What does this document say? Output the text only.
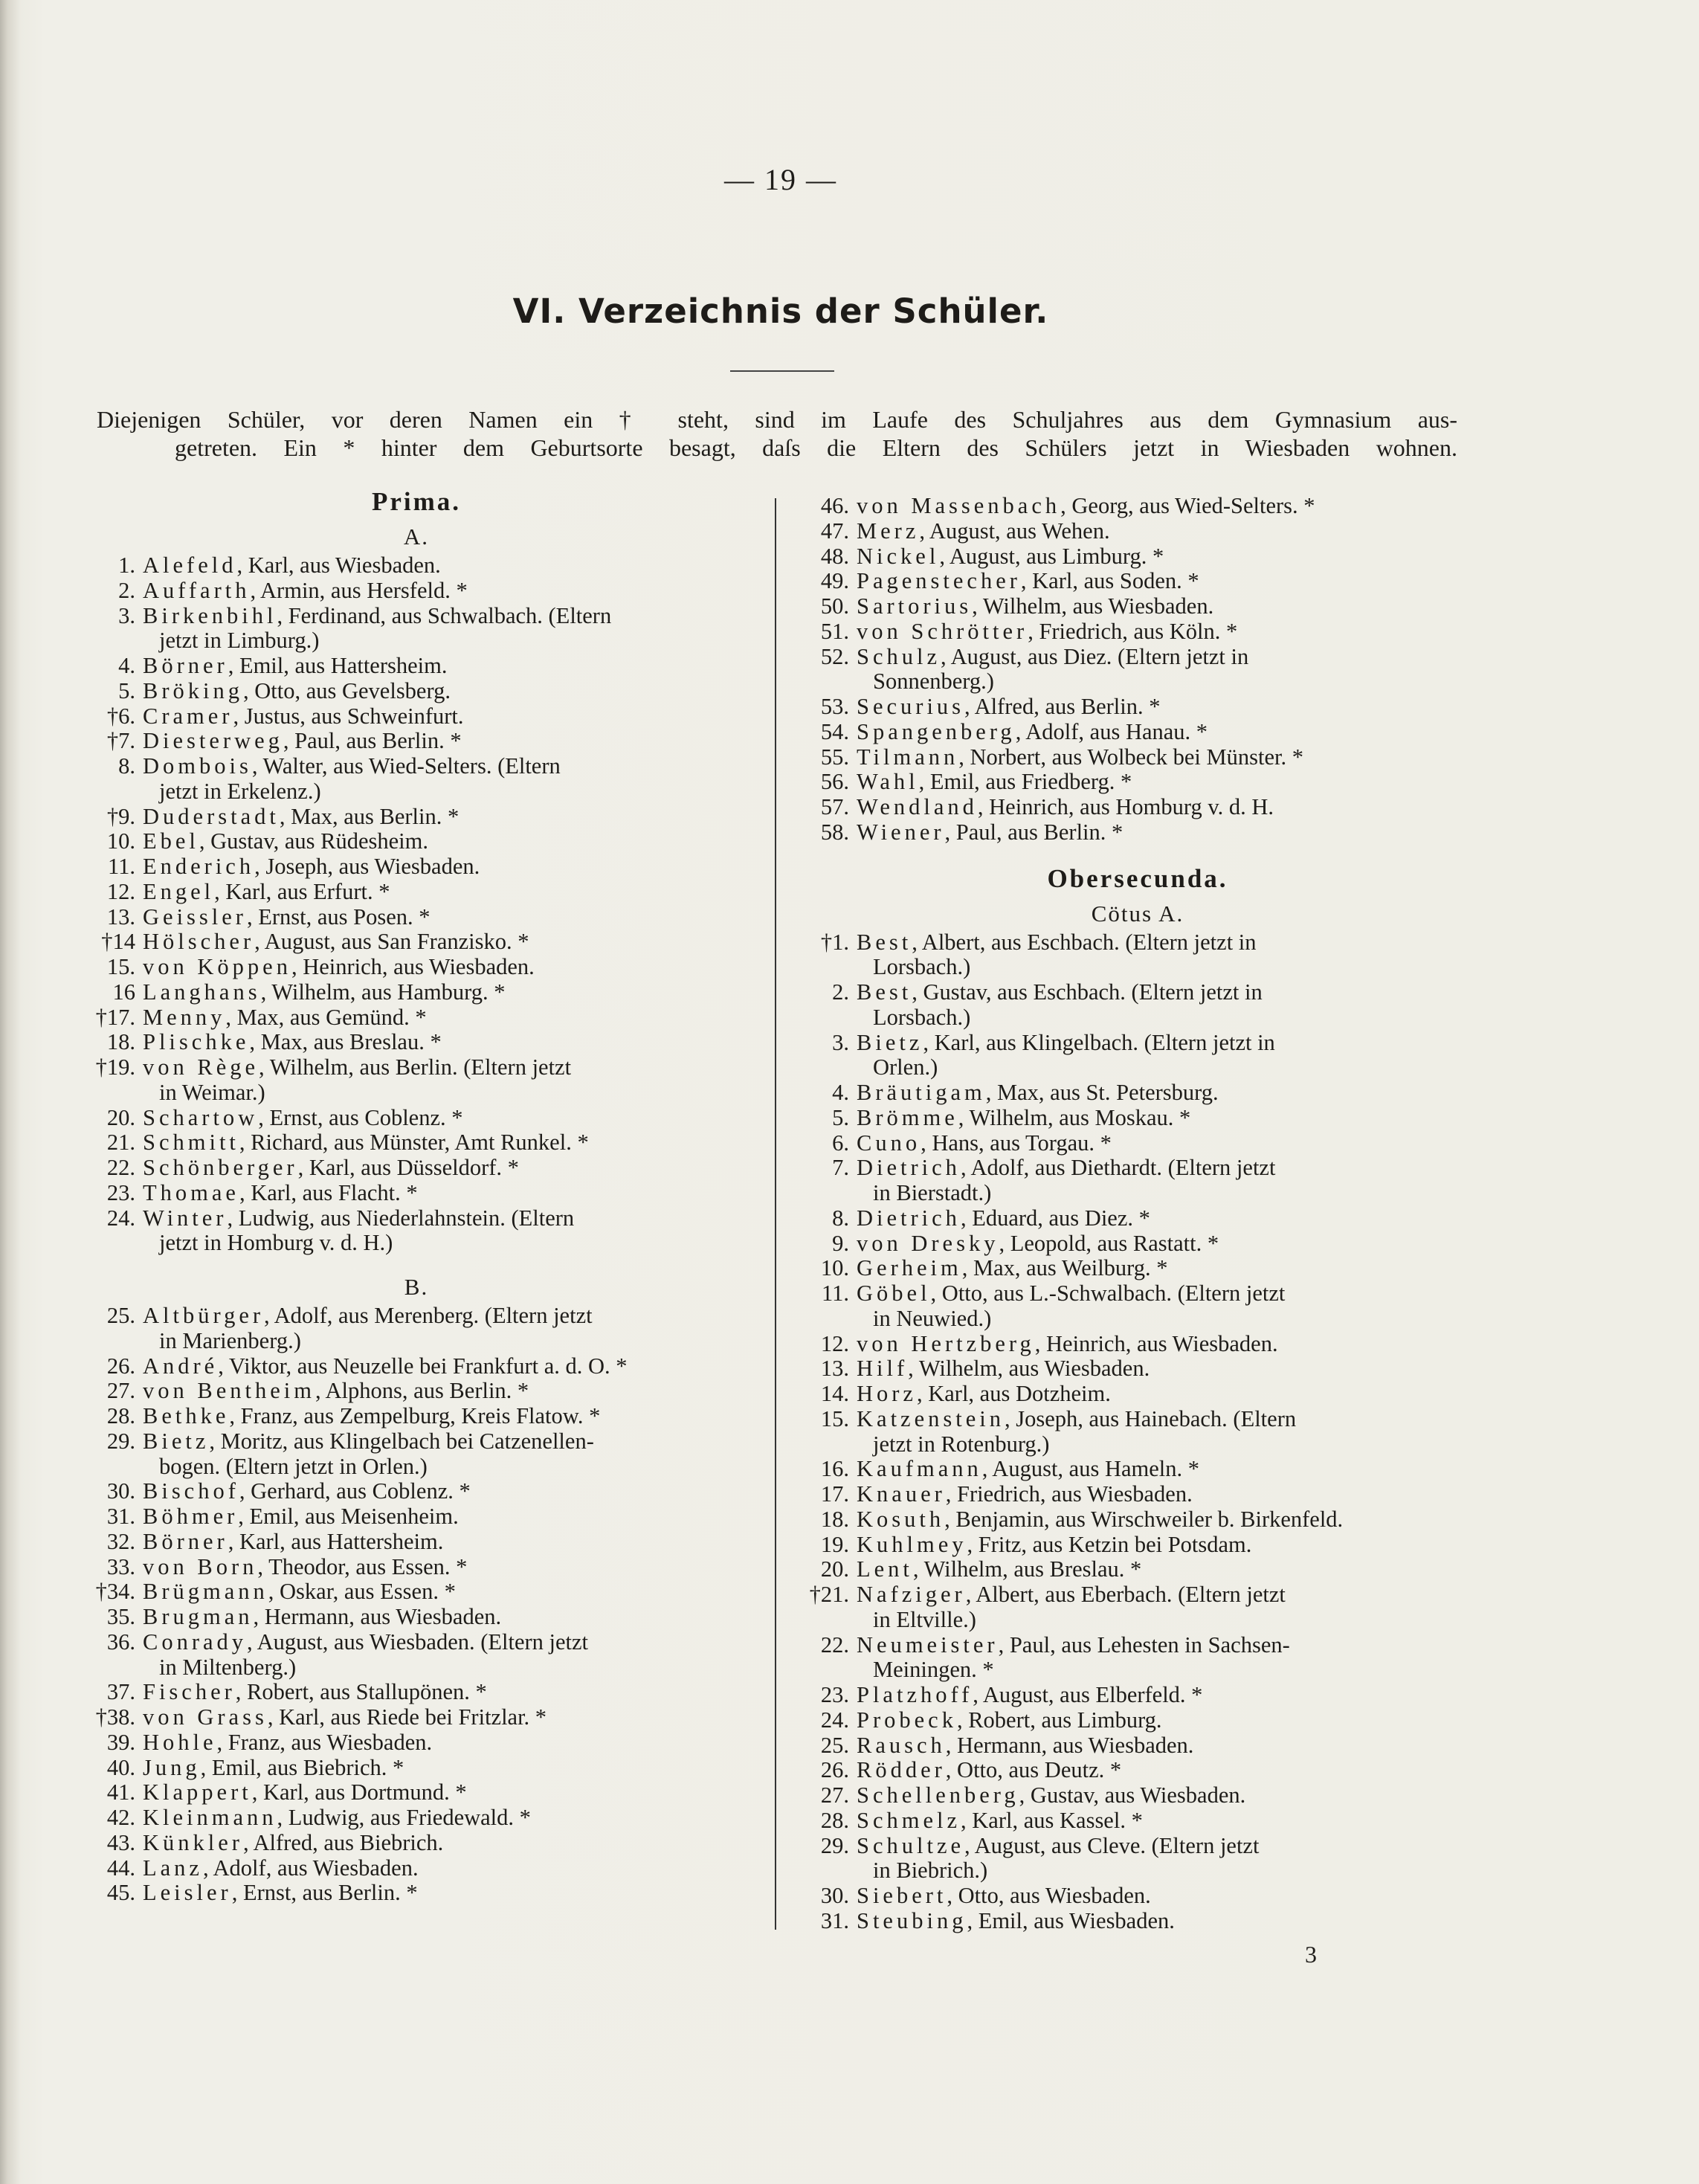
— 19 —
VI. Verzeichnis der Schüler.
Diejenigen Schüler, vor deren Namen ein † steht, sind im Laufe des Schuljahres aus dem Gymnasium aus-
getreten. Ein * hinter dem Geburtsorte besagt, daſs die Eltern des Schülers jetzt in Wiesbaden wohnen.
Prima.
A.
1. Alefeld, Karl, aus Wiesbaden.
2. Auffarth, Armin, aus Hersfeld. *
3. Birkenbihl, Ferdinand, aus Schwalbach. (Eltern
jetzt in Limburg.)
4. Börner, Emil, aus Hattersheim.
5. Bröking, Otto, aus Gevelsberg.
†6. Cramer, Justus, aus Schweinfurt.
†7. Diesterweg, Paul, aus Berlin. *
8. Dombois, Walter, aus Wied-Selters. (Eltern
jetzt in Erkelenz.)
†9. Duderstadt, Max, aus Berlin. *
10. Ebel, Gustav, aus Rüdesheim.
11. Enderich, Joseph, aus Wiesbaden.
12. Engel, Karl, aus Erfurt. *
13. Geissler, Ernst, aus Posen. *
†14 Hölscher, August, aus San Franzisko. *
15. von Köppen, Heinrich, aus Wiesbaden.
16 Langhans, Wilhelm, aus Hamburg. *
†17. Menny, Max, aus Gemünd. *
18. Plischke, Max, aus Breslau. *
†19. von Rège, Wilhelm, aus Berlin. (Eltern jetzt
in Weimar.)
20. Schartow, Ernst, aus Coblenz. *
21. Schmitt, Richard, aus Münster, Amt Runkel. *
22. Schönberger, Karl, aus Düsseldorf. *
23. Thomae, Karl, aus Flacht. *
24. Winter, Ludwig, aus Niederlahnstein. (Eltern
jetzt in Homburg v. d. H.)
B.
25. Altbürger, Adolf, aus Merenberg. (Eltern jetzt
in Marienberg.)
26. André, Viktor, aus Neuzelle bei Frankfurt a. d. O. *
27. von Bentheim, Alphons, aus Berlin. *
28. Bethke, Franz, aus Zempelburg, Kreis Flatow. *
29. Bietz, Moritz, aus Klingelbach bei Catzenellen-
bogen. (Eltern jetzt in Orlen.)
30. Bischof, Gerhard, aus Coblenz. *
31. Böhmer, Emil, aus Meisenheim.
32. Börner, Karl, aus Hattersheim.
33. von Born, Theodor, aus Essen. *
†34. Brügmann, Oskar, aus Essen. *
35. Brugman, Hermann, aus Wiesbaden.
36. Conrady, August, aus Wiesbaden. (Eltern jetzt
in Miltenberg.)
37. Fischer, Robert, aus Stallupönen. *
†38. von Grass, Karl, aus Riede bei Fritzlar. *
39. Hohle, Franz, aus Wiesbaden.
40. Jung, Emil, aus Biebrich. *
41. Klappert, Karl, aus Dortmund. *
42. Kleinmann, Ludwig, aus Friedewald. *
43. Künkler, Alfred, aus Biebrich.
44. Lanz, Adolf, aus Wiesbaden.
45. Leisler, Ernst, aus Berlin. *
46. von Massenbach, Georg, aus Wied-Selters. *
47. Merz, August, aus Wehen.
48. Nickel, August, aus Limburg. *
49. Pagenstecher, Karl, aus Soden. *
50. Sartorius, Wilhelm, aus Wiesbaden.
51. von Schrötter, Friedrich, aus Köln. *
52. Schulz, August, aus Diez. (Eltern jetzt in
Sonnenberg.)
53. Securius, Alfred, aus Berlin. *
54. Spangenberg, Adolf, aus Hanau. *
55. Tilmann, Norbert, aus Wolbeck bei Münster. *
56. Wahl, Emil, aus Friedberg. *
57. Wendland, Heinrich, aus Homburg v. d. H.
58. Wiener, Paul, aus Berlin. *
Obersecunda.
Cötus A.
†1. Best, Albert, aus Eschbach. (Eltern jetzt in
Lorsbach.)
2. Best, Gustav, aus Eschbach. (Eltern jetzt in
Lorsbach.)
3. Bietz, Karl, aus Klingelbach. (Eltern jetzt in
Orlen.)
4. Bräutigam, Max, aus St. Petersburg.
5. Brömme, Wilhelm, aus Moskau. *
6. Cuno, Hans, aus Torgau. *
7. Dietrich, Adolf, aus Diethardt. (Eltern jetzt
in Bierstadt.)
8. Dietrich, Eduard, aus Diez. *
9. von Dresky, Leopold, aus Rastatt. *
10. Gerheim, Max, aus Weilburg. *
11. Göbel, Otto, aus L.-Schwalbach. (Eltern jetzt
in Neuwied.)
12. von Hertzberg, Heinrich, aus Wiesbaden.
13. Hilf, Wilhelm, aus Wiesbaden.
14. Horz, Karl, aus Dotzheim.
15. Katzenstein, Joseph, aus Hainebach. (Eltern
jetzt in Rotenburg.)
16. Kaufmann, August, aus Hameln. *
17. Knauer, Friedrich, aus Wiesbaden.
18. Kosuth, Benjamin, aus Wirschweiler b. Birkenfeld.
19. Kuhlmey, Fritz, aus Ketzin bei Potsdam.
20. Lent, Wilhelm, aus Breslau. *
†21. Nafziger, Albert, aus Eberbach. (Eltern jetzt
in Eltville.)
22. Neumeister, Paul, aus Lehesten in Sachsen-
Meiningen. *
23. Platzhoff, August, aus Elberfeld. *
24. Probeck, Robert, aus Limburg.
25. Rausch, Hermann, aus Wiesbaden.
26. Rödder, Otto, aus Deutz. *
27. Schellenberg, Gustav, aus Wiesbaden.
28. Schmelz, Karl, aus Kassel. *
29. Schultze, August, aus Cleve. (Eltern jetzt
in Biebrich.)
30. Siebert, Otto, aus Wiesbaden.
31. Steubing, Emil, aus Wiesbaden.
3
